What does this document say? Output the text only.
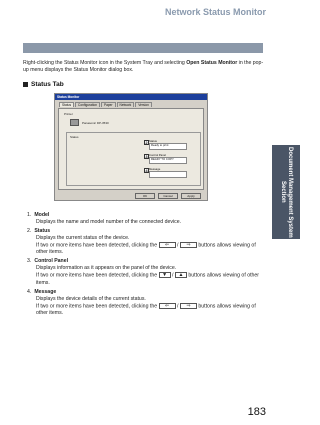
Network Status Monitor
Document Management System Section

Right-clicking the Status Monitor icon in the System Tray and selecting Open Status Monitor in the pop-up menu displays the Status Monitor dialog box.

Status Tab
Status Monitor
Status	Configuration	Paper	Network	Version
Printer
Panasonic DP-3530
Status
2 Status
Ready to print
3 Control Panel
READY TO COPY
4 Message
OK	Cancel	Apply
1. Model
Displays the name and model number of the connected device.
2. Status
Displays the current status of the device.
If two or more items have been detected, clicking the ⇐ / ⇒ buttons allows viewing of other items.
3. Control Panel
Displays information as it appears on the panel of the device.
If two or more items have been detected, clicking the ▼ / ▲ buttons allows viewing of other items.
4. Message
Displays the device details of the current status.
If two or more items have been detected, clicking the ⇐ / ⇒ buttons allows viewing of other items.
183
